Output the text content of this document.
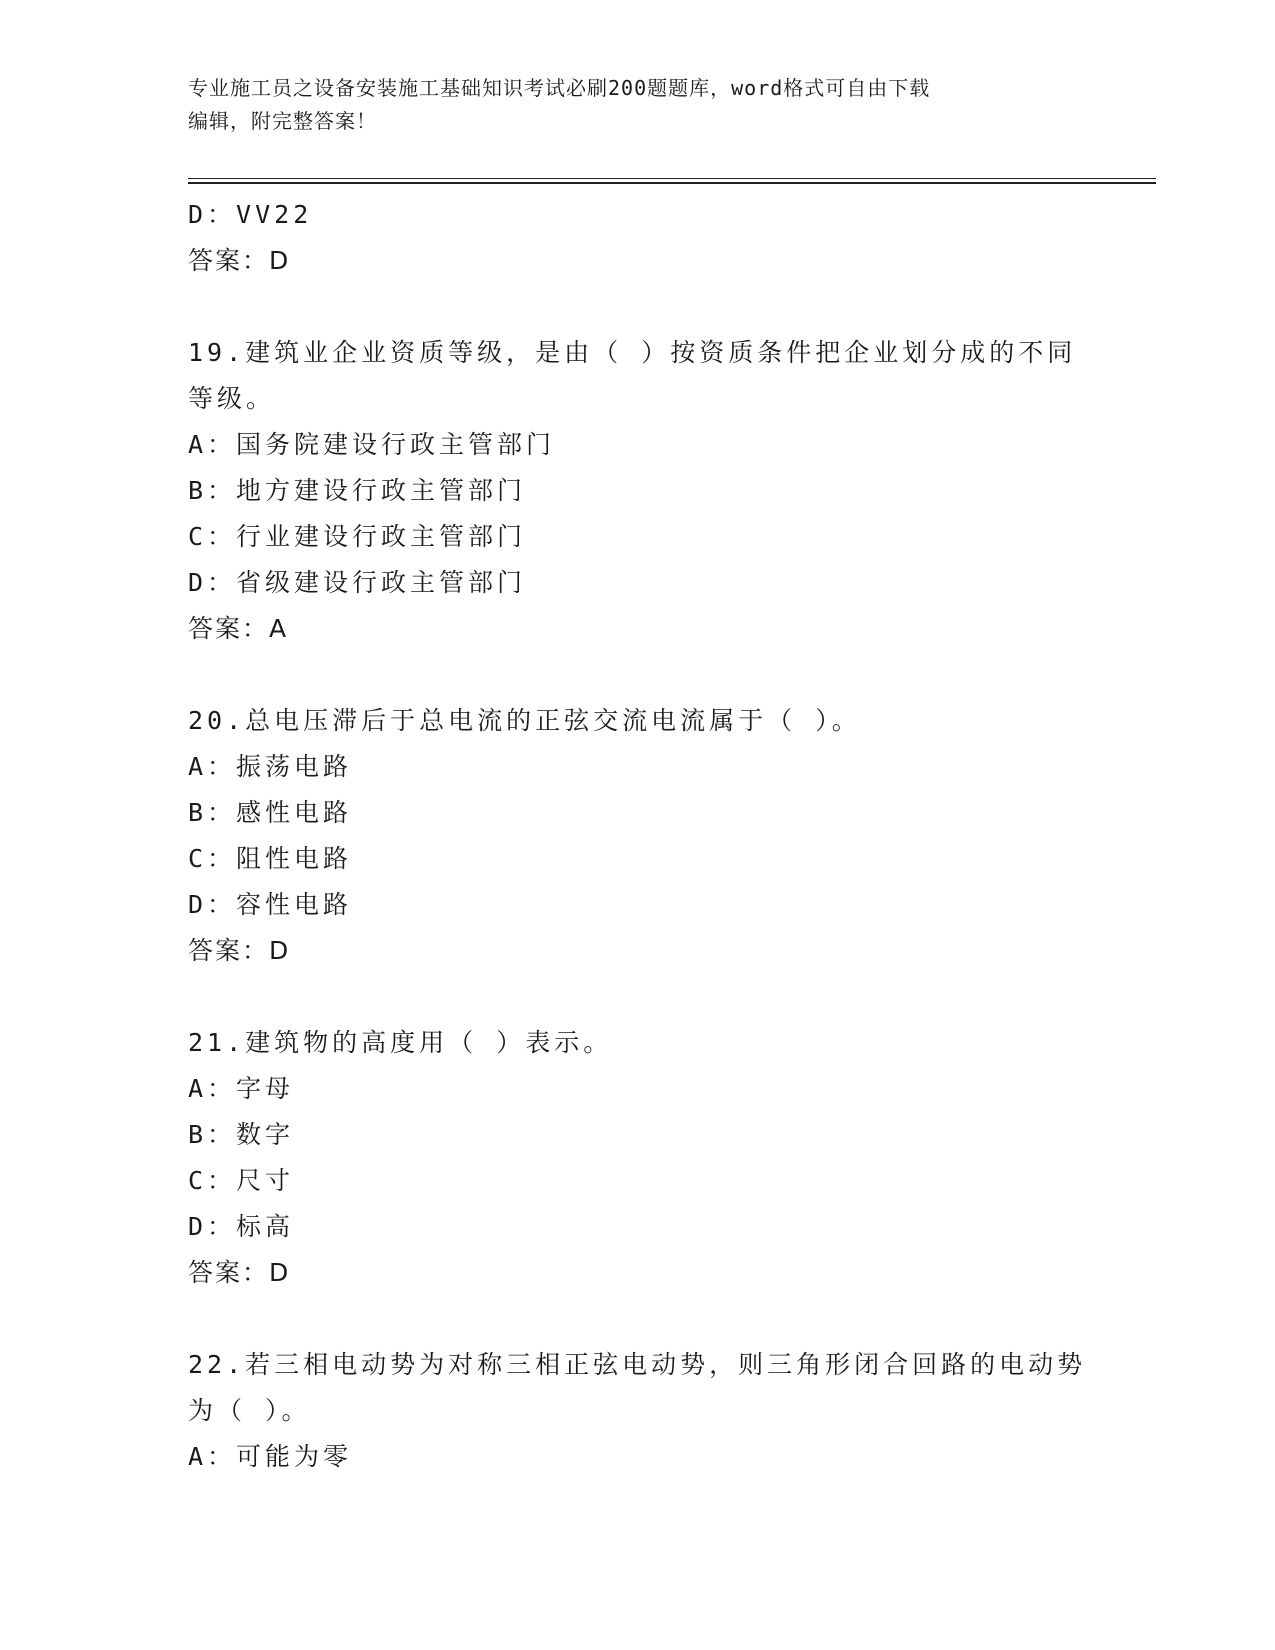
专业施工员之设备安装施工基础知识考试必刷200题题库，word格式可自由下载
编辑，附完整答案！
D：VV22
答案：D
19.建筑业企业资质等级，是由（ ）按资质条件把企业划分成的不同
等级。
A：国务院建设行政主管部门
B：地方建设行政主管部门
C：行业建设行政主管部门
D：省级建设行政主管部门
答案：A
20.总电压滞后于总电流的正弦交流电流属于（ ）。
A：振荡电路
B：感性电路
C：阻性电路
D：容性电路
答案：D
21.建筑物的高度用（ ）表示。
A：字母
B：数字
C：尺寸
D：标高
答案：D
22.若三相电动势为对称三相正弦电动势，则三角形闭合回路的电动势
为（ ）。
A：可能为零
